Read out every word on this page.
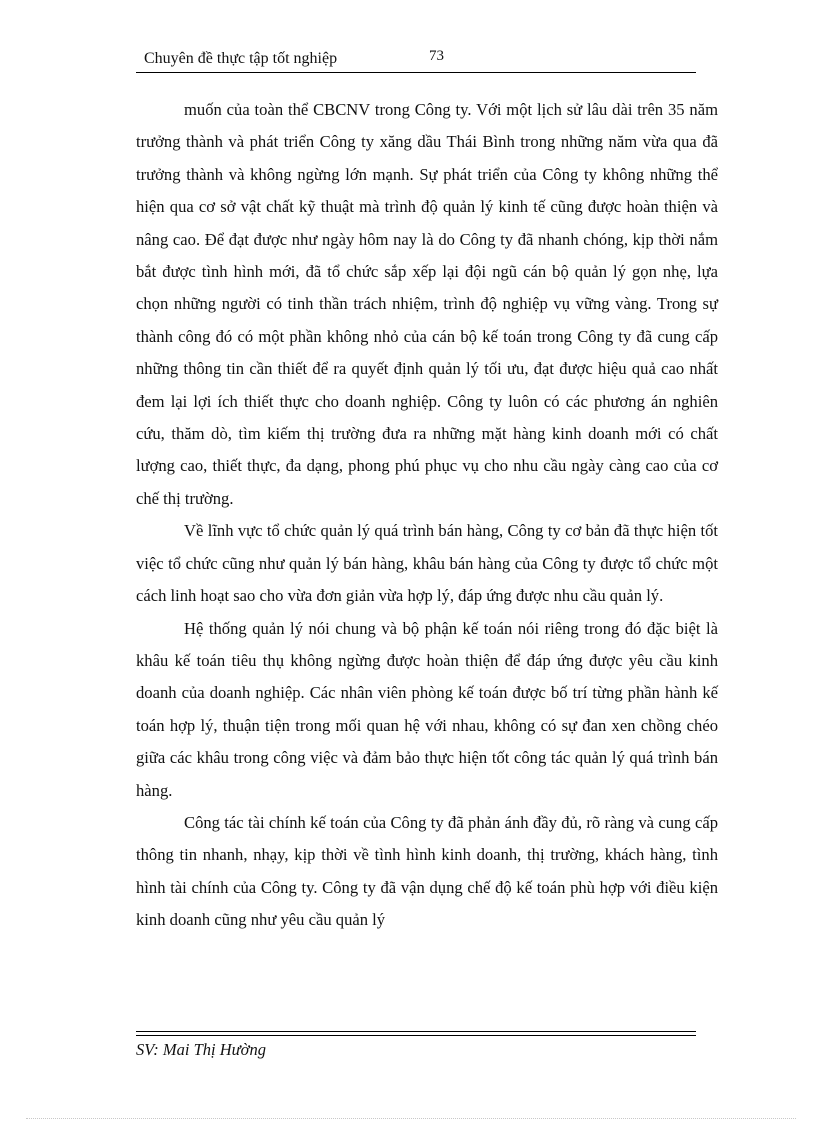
Chuyên đề thực tập tốt nghiệp	73

muốn của toàn thể CBCNV trong Công ty. Với một lịch sử lâu dài trên 35 năm trưởng thành và phát triển Công ty xăng dầu Thái Bình trong những năm vừa qua đã trưởng thành và không ngừng lớn mạnh. Sự phát triển của Công ty không những thể hiện qua cơ sở vật chất kỹ thuật mà trình độ quản lý kinh tế cũng được hoàn thiện và nâng cao. Để đạt được như ngày hôm nay là do Công ty đã nhanh chóng, kịp thời nắm bắt được tình hình mới, đã tổ chức sắp xếp lại đội ngũ cán bộ quản lý gọn nhẹ, lựa chọn những người có tinh thần trách nhiệm, trình độ nghiệp vụ vững vàng. Trong sự thành công đó có một phần không nhỏ của cán bộ kế toán trong Công ty đã cung cấp những thông tin cần thiết để ra quyết định quản lý tối ưu, đạt được hiệu quả cao nhất đem lại lợi ích thiết thực cho doanh nghiệp. Công ty luôn có các phương án nghiên cứu, thăm dò, tìm kiếm thị trường đưa ra những mặt hàng kinh doanh mới có chất lượng cao, thiết thực, đa dạng, phong phú phục vụ cho nhu cầu ngày càng cao của cơ chế thị trường.

Về lĩnh vực tổ chức quản lý quá trình bán hàng, Công ty cơ bản đã thực hiện tốt việc tổ chức cũng như quản lý bán hàng, khâu bán hàng của Công ty được tổ chức một cách linh hoạt sao cho vừa đơn giản vừa hợp lý, đáp ứng được nhu cầu quản lý.

Hệ thống quản lý nói chung và bộ phận kế toán nói riêng trong đó đặc biệt là khâu kế toán tiêu thụ không ngừng được hoàn thiện để đáp ứng được yêu cầu kinh doanh của doanh nghiệp. Các nhân viên phòng kế toán được bố trí từng phần hành kế toán hợp lý, thuận tiện trong mối quan hệ với nhau, không có sự đan xen chồng chéo giữa các khâu trong công việc và đảm bảo thực hiện tốt công tác quản lý quá trình bán hàng.

Công tác tài chính kế toán của Công ty đã phản ánh đầy đủ, rõ ràng và cung cấp thông tin nhanh, nhạy, kịp thời về tình hình kinh doanh, thị trường, khách hàng, tình hình tài chính của Công ty. Công ty đã vận dụng chế độ kế toán phù hợp với điều kiện kinh doanh cũng như yêu cầu quản lý

SV: Mai Thị Hường
